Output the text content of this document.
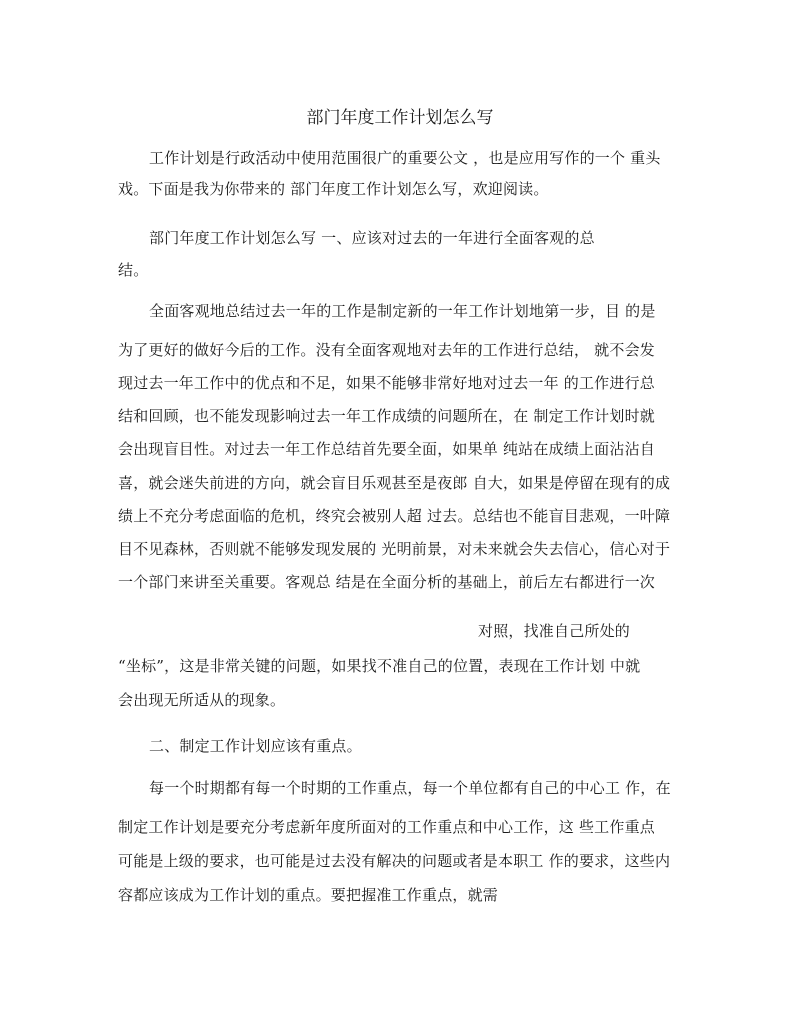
部门年度工作计划怎么写
工作计划是行政活动中使用范围很广的重要公文 ，也是应用写作的一个 重头
戏。下面是我为你带来的 部门年度工作计划怎么写，欢迎阅读。
部门年度工作计划怎么写 一、应该对过去的一年进行全面客观的总
结。
全面客观地总结过去一年的工作是制定新的一年工作计划地第一步，目 的是
为了更好的做好今后的工作。没有全面客观地对去年的工作进行总结， 就不会发
现过去一年工作中的优点和不足，如果不能够非常好地对过去一年 的工作进行总
结和回顾，也不能发现影响过去一年工作成绩的问题所在，在 制定工作计划时就
会出现盲目性。对过去一年工作总结首先要全面，如果单 纯站在成绩上面沾沾自
喜，就会迷失前进的方向，就会盲目乐观甚至是夜郎 自大，如果是停留在现有的成
绩上不充分考虑面临的危机，终究会被别人超 过去。总结也不能盲目悲观，一叶障
目不见森林，否则就不能够发现发展的 光明前景，对未来就会失去信心，信心对于
一个部门来讲至关重要。客观总 结是在全面分析的基础上，前后左右都进行一次
对照，找准自己所处的
“坐标”，这是非常关键的问题，如果找不准自己的位置，表现在工作计划 中就
会出现无所适从的现象。
二、制定工作计划应该有重点。
每一个时期都有每一个时期的工作重点，每一个单位都有自己的中心工 作，在
制定工作计划是要充分考虑新年度所面对的工作重点和中心工作，这 些工作重点
可能是上级的要求，也可能是过去没有解决的问题或者是本职工 作的要求，这些内
容都应该成为工作计划的重点。要把握准工作重点，就需
